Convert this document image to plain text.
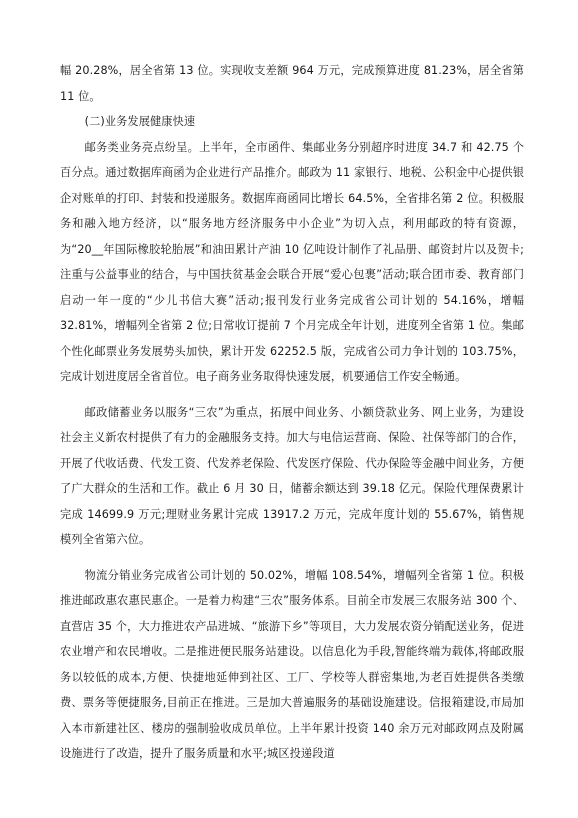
幅 20.28%，居全省第 13 位。实现收支差额 964 万元，完成预算进度 81.23%，居全省第 11 位。

(二)业务发展健康快速

邮务类业务亮点纷呈。上半年，全市函件、集邮业务分别超序时进度 34.7 和 42.75 个百分点。通过数据库商函为企业进行产品推介。邮政为 11 家银行、地税、公积金中心提供银企对账单的打印、封装和投递服务。数据库商函同比增长 64.5%，全省排名第 2 位。积极服务和融入地方经济，以“服务地方经济服务中小企业”为切入点，利用邮政的特有资源，为“20__年国际橡胶轮胎展”和油田累计产油 10 亿吨设计制作了礼品册、邮资封片以及贺卡;注重与公益事业的结合，与中国扶贫基金会联合开展“爱心包裹”活动;联合团市委、教育部门启动一年一度的“少儿书信大赛”活动;报刊发行业务完成省公司计划的 54.16%，增幅 32.81%，增幅列全省第 2 位;日常收订提前 7 个月完成全年计划，进度列全省第 1 位。集邮个性化邮票业务发展势头加快，累计开发 62252.5 版，完成省公司力争计划的 103.75%，完成计划进度居全省首位。电子商务业务取得快速发展，机要通信工作安全畅通。

邮政储蓄业务以服务“三农”为重点，拓展中间业务、小额贷款业务、网上业务，为建设社会主义新农村提供了有力的金融服务支持。加大与电信运营商、保险、社保等部门的合作，开展了代收话费、代发工资、代发养老保险、代发医疗保险、代办保险等金融中间业务，方便了广大群众的生活和工作。截止 6 月 30 日，储蓄余额达到 39.18 亿元。保险代理保费累计完成 14699.9 万元;理财业务累计完成 13917.2 万元，完成年度计划的 55.67%，销售规模列全省第六位。

物流分销业务完成省公司计划的 50.02%，增幅 108.54%，增幅列全省第 1 位。积极推进邮政惠农惠民惠企。一是着力构建“三农”服务体系。目前全市发展三农服务站 300 个、直营店 35 个，大力推进农产品进城、“旅游下乡”等项目，大力发展农资分销配送业务，促进农业增产和农民增收。二是推进便民服务站建设。以信息化为手段,智能终端为载体,将邮政服务以较低的成本,方便、快捷地延伸到社区、工厂、学校等人群密集地,为老百姓提供各类缴费、票务等便捷服务,目前正在推进。三是加大普遍服务的基础设施建设。信报箱建设,市局加入本市新建社区、楼房的强制验收成员单位。上半年累计投资 140 余万元对邮政网点及附属设施进行了改造，提升了服务质量和水平;城区投递段道
